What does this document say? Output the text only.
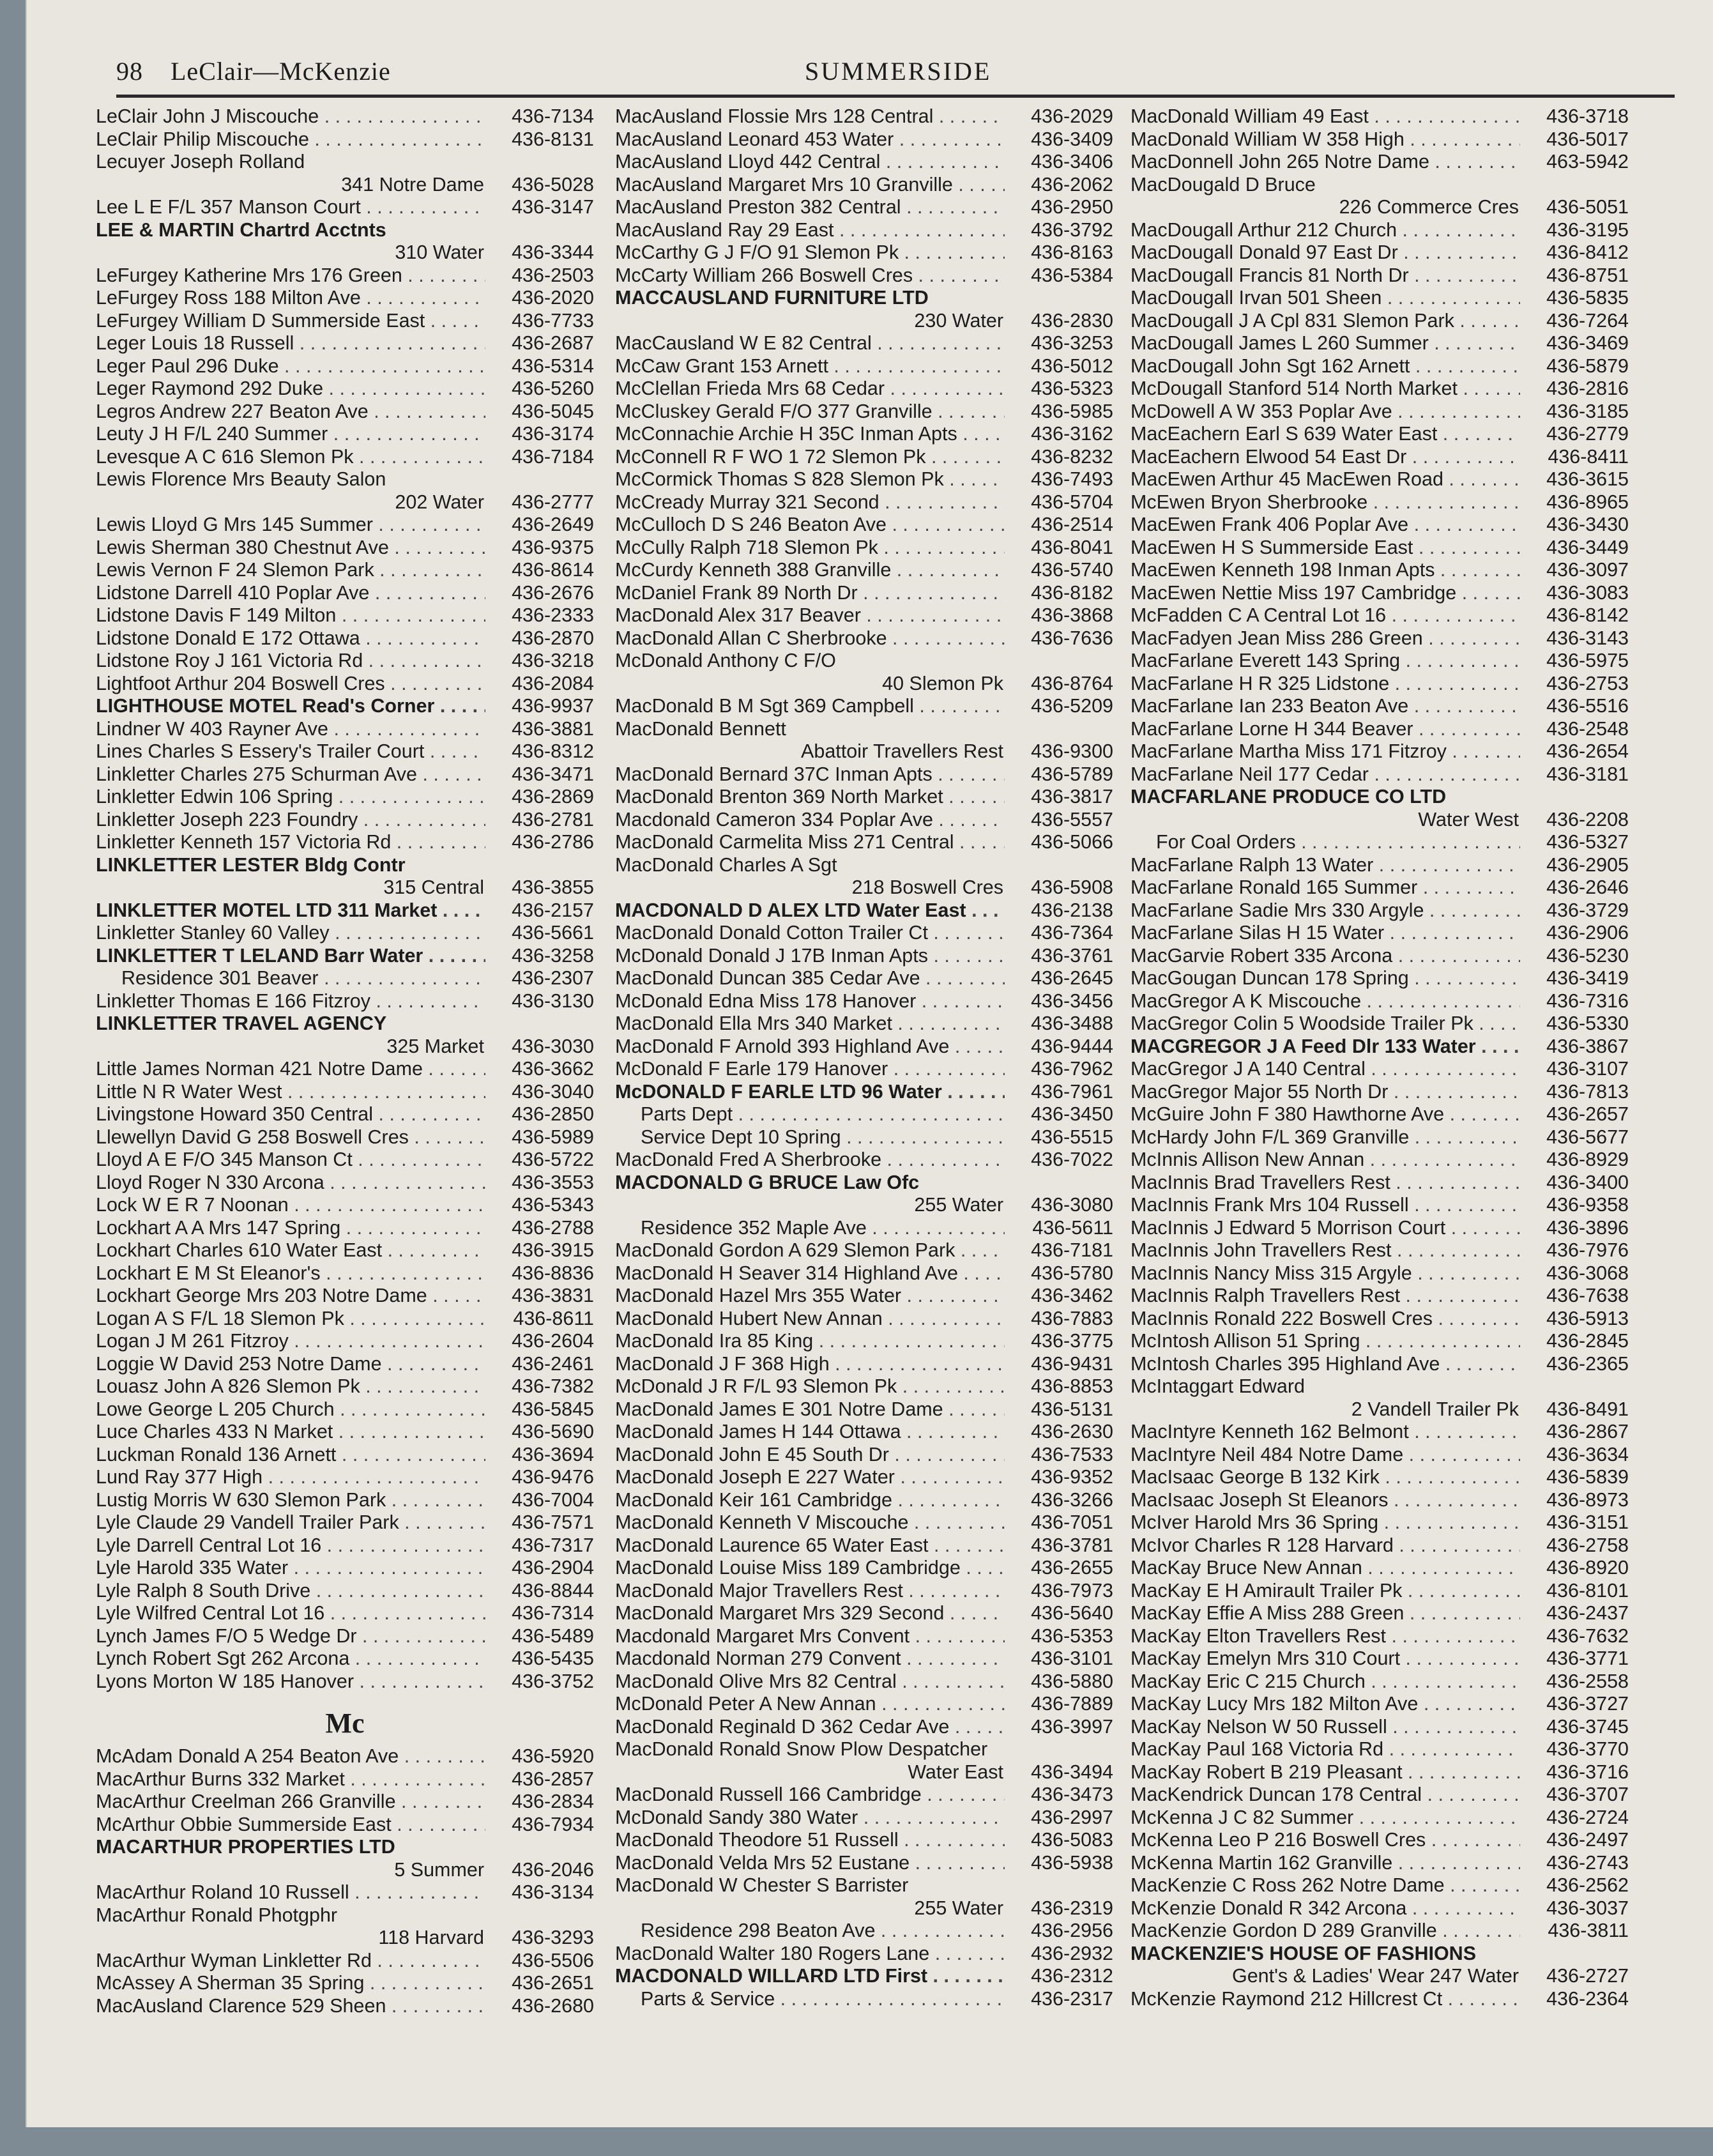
98 LeClair—McKenzie	SUMMERSIDE
LeClair John J Miscouche . . .	436-7134
LeClair Philip Miscouche . . .	436-8131
Lecuyer Joseph Rolland
341 Notre Dame	436-5028
Lee L E F/L 357 Manson Court . . .	436-3147
LEE & MARTIN Chartrd Acctnts
310 Water	436-3344
LeFurgey Katherine Mrs 176 Green . . .	436-2503
LeFurgey Ross 188 Milton Ave . . .	436-2020
LeFurgey William D Summerside East . . .	436-7733
Leger Louis 18 Russell . . .	436-2687
Leger Paul 296 Duke . . .	436-5314
Leger Raymond 292 Duke . . .	436-5260
Legros Andrew 227 Beaton Ave . . .	436-5045
Leuty J H F/L 240 Summer . . .	436-3174
Levesque A C 616 Slemon Pk . . .	436-7184
Lewis Florence Mrs Beauty Salon
202 Water	436-2777
Lewis Lloyd G Mrs 145 Summer . . .	436-2649
Lewis Sherman 380 Chestnut Ave . . .	436-9375
Lewis Vernon F 24 Slemon Park . . .	436-8614
Lidstone Darrell 410 Poplar Ave . . .	436-2676
Lidstone Davis F 149 Milton . . .	436-2333
Lidstone Donald E 172 Ottawa . . .	436-2870
Lidstone Roy J 161 Victoria Rd . . .	436-3218
Lightfoot Arthur 204 Boswell Cres . . .	436-2084
LIGHTHOUSE MOTEL Read's Corner . . .	436-9937
Lindner W 403 Rayner Ave . . .	436-3881
Lines Charles S Essery's Trailer Court . . .	436-8312
Linkletter Charles 275 Schurman Ave . . .	436-3471
Linkletter Edwin 106 Spring . . .	436-2869
Linkletter Joseph 223 Foundry . . .	436-2781
Linkletter Kenneth 157 Victoria Rd . . .	436-2786
LINKLETTER LESTER Bldg Contr
315 Central	436-3855
LINKLETTER MOTEL LTD 311 Market . . .	436-2157
Linkletter Stanley 60 Valley . . .	436-5661
LINKLETTER T LELAND Barr Water . . .	436-3258
Residence 301 Beaver . . .	436-2307
Linkletter Thomas E 166 Fitzroy . . .	436-3130
LINKLETTER TRAVEL AGENCY
325 Market	436-3030
Little James Norman 421 Notre Dame . . .	436-3662
Little N R Water West . . .	436-3040
Livingstone Howard 350 Central . . .	436-2850
Llewellyn David G 258 Boswell Cres . . .	436-5989
Lloyd A E F/O 345 Manson Ct . . .	436-5722
Lloyd Roger N 330 Arcona . . .	436-3553
Lock W E R 7 Noonan . . .	436-5343
Lockhart A A Mrs 147 Spring . . .	436-2788
Lockhart Charles 610 Water East . . .	436-3915
Lockhart E M St Eleanor's . . .	436-8836
Lockhart George Mrs 203 Notre Dame . . .	436-3831
Logan A S F/L 18 Slemon Pk . . .	436-8611
Logan J M 261 Fitzroy . . .	436-2604
Loggie W David 253 Notre Dame . . .	436-2461
Louasz John A 826 Slemon Pk . . .	436-7382
Lowe George L 205 Church . . .	436-5845
Luce Charles 433 N Market . . .	436-5690
Luckman Ronald 136 Arnett . . .	436-3694
Lund Ray 377 High . . .	436-9476
Lustig Morris W 630 Slemon Park . . .	436-7004
Lyle Claude 29 Vandell Trailer Park . . .	436-7571
Lyle Darrell Central Lot 16 . . .	436-7317
Lyle Harold 335 Water . . .	436-2904
Lyle Ralph 8 South Drive . . .	436-8844
Lyle Wilfred Central Lot 16 . . .	436-7314
Lynch James F/O 5 Wedge Dr . . .	436-5489
Lynch Robert Sgt 262 Arcona . . .	436-5435
Lyons Morton W 185 Hanover . . .	436-3752
Mc
McAdam Donald A 254 Beaton Ave . . .	436-5920
MacArthur Burns 332 Market . . .	436-2857
MacArthur Creelman 266 Granville . . .	436-2834
McArthur Obbie Summerside East . . .	436-7934
MACARTHUR PROPERTIES LTD
5 Summer	436-2046
MacArthur Roland 10 Russell . . .	436-3134
MacArthur Ronald Photgphr
118 Harvard	436-3293
MacArthur Wyman Linkletter Rd . . .	436-5506
McAssey A Sherman 35 Spring . . .	436-2651
MacAusland Clarence 529 Sheen . . .	436-2680
MacAusland Flossie Mrs 128 Central . . .	436-2029
MacAusland Leonard 453 Water . . .	436-3409
MacAusland Lloyd 442 Central . . .	436-3406
MacAusland Margaret Mrs 10 Granville . . .	436-2062
MacAusland Preston 382 Central . . .	436-2950
MacAusland Ray 29 East . . .	436-3792
McCarthy G J F/O 91 Slemon Pk . . .	436-8163
McCarty William 266 Boswell Cres . . .	436-5384
MACCAUSLAND FURNITURE LTD
230 Water	436-2830
MacCausland W E 82 Central . . .	436-3253
McCaw Grant 153 Arnett . . .	436-5012
McClellan Frieda Mrs 68 Cedar . . .	436-5323
McCluskey Gerald F/O 377 Granville . . .	436-5985
McConnachie Archie H 35C Inman Apts . . .	436-3162
McConnell R F WO 1 72 Slemon Pk . . .	436-8232
McCormick Thomas S 828 Slemon Pk . . .	436-7493
McCready Murray 321 Second . . .	436-5704
McCulloch D S 246 Beaton Ave . . .	436-2514
McCully Ralph 718 Slemon Pk . . .	436-8041
McCurdy Kenneth 388 Granville . . .	436-5740
McDaniel Frank 89 North Dr . . .	436-8182
MacDonald Alex 317 Beaver . . .	436-3868
MacDonald Allan C Sherbrooke . . .	436-7636
McDonald Anthony C F/O
40 Slemon Pk	436-8764
MacDonald B M Sgt 369 Campbell . . .	436-5209
MacDonald Bennett
Abattoir Travellers Rest	436-9300
MacDonald Bernard 37C Inman Apts . . .	436-5789
MacDonald Brenton 369 North Market . . .	436-3817
Macdonald Cameron 334 Poplar Ave . . .	436-5557
MacDonald Carmelita Miss 271 Central . . .	436-5066
MacDonald Charles A Sgt
218 Boswell Cres	436-5908
MACDONALD D ALEX LTD Water East . . .	436-2138
MacDonald Donald Cotton Trailer Ct . . .	436-7364
McDonald Donald J 17B Inman Apts . . .	436-3761
MacDonald Duncan 385 Cedar Ave . . .	436-2645
McDonald Edna Miss 178 Hanover . . .	436-3456
MacDonald Ella Mrs 340 Market . . .	436-3488
MacDonald F Arnold 393 Highland Ave . . .	436-9444
McDonald F Earle 179 Hanover . . .	436-7962
McDONALD F EARLE LTD 96 Water . . .	436-7961
Parts Dept . . .	436-3450
Service Dept 10 Spring . . .	436-5515
MacDonald Fred A Sherbrooke . . .	436-7022
MACDONALD G BRUCE Law Ofc
255 Water	436-3080
Residence 352 Maple Ave . . .	436-5611
MacDonald Gordon A 629 Slemon Park . . .	436-7181
MacDonald H Seaver 314 Highland Ave . . .	436-5780
MacDonald Hazel Mrs 355 Water . . .	436-3462
MacDonald Hubert New Annan . . .	436-7883
MacDonald Ira 85 King . . .	436-3775
MacDonald J F 368 High . . .	436-9431
McDonald J R F/L 93 Slemon Pk . . .	436-8853
MacDonald James E 301 Notre Dame . . .	436-5131
MacDonald James H 144 Ottawa . . .	436-2630
MacDonald John E 45 South Dr . . .	436-7533
MacDonald Joseph E 227 Water . . .	436-9352
MacDonald Keir 161 Cambridge . . .	436-3266
MacDonald Kenneth V Miscouche . . .	436-7051
MacDonald Laurence 65 Water East . . .	436-3781
MacDonald Louise Miss 189 Cambridge . . .	436-2655
MacDonald Major Travellers Rest . . .	436-7973
MacDonald Margaret Mrs 329 Second . . .	436-5640
Macdonald Margaret Mrs Convent . . .	436-5353
Macdonald Norman 279 Convent . . .	436-3101
MacDonald Olive Mrs 82 Central . . .	436-5880
McDonald Peter A New Annan . . .	436-7889
MacDonald Reginald D 362 Cedar Ave . . .	436-3997
MacDonald Ronald Snow Plow Despatcher
Water East	436-3494
MacDonald Russell 166 Cambridge . . .	436-3473
McDonald Sandy 380 Water . . .	436-2997
MacDonald Theodore 51 Russell . . .	436-5083
MacDonald Velda Mrs 52 Eustane . . .	436-5938
MacDonald W Chester S Barrister
255 Water	436-2319
Residence 298 Beaton Ave . . .	436-2956
MacDonald Walter 180 Rogers Lane . . .	436-2932
MACDONALD WILLARD LTD First . . .	436-2312
Parts & Service . . .	436-2317
MacDonald William 49 East . . .	436-3718
MacDonald William W 358 High . . .	436-5017
MacDonnell John 265 Notre Dame . . .	463-5942
MacDougald D Bruce
226 Commerce Cres	436-5051
MacDougall Arthur 212 Church . . .	436-3195
MacDougall Donald 97 East Dr . . .	436-8412
MacDougall Francis 81 North Dr . . .	436-8751
MacDougall Irvan 501 Sheen . . .	436-5835
MacDougall J A Cpl 831 Slemon Park . . .	436-7264
MacDougall James L 260 Summer . . .	436-3469
MacDougall John Sgt 162 Arnett . . .	436-5879
McDougall Stanford 514 North Market . . .	436-2816
McDowell A W 353 Poplar Ave . . .	436-3185
MacEachern Earl S 639 Water East . . .	436-2779
MacEachern Elwood 54 East Dr . . .	436-8411
MacEwen Arthur 45 MacEwen Road . . .	436-3615
McEwen Bryon Sherbrooke . . .	436-8965
MacEwen Frank 406 Poplar Ave . . .	436-3430
MacEwen H S Summerside East . . .	436-3449
MacEwen Kenneth 198 Inman Apts . . .	436-3097
MacEwen Nettie Miss 197 Cambridge . . .	436-3083
McFadden C A Central Lot 16 . . .	436-8142
MacFadyen Jean Miss 286 Green . . .	436-3143
MacFarlane Everett 143 Spring . . .	436-5975
MacFarlane H R 325 Lidstone . . .	436-2753
MacFarlane Ian 233 Beaton Ave . . .	436-5516
MacFarlane Lorne H 344 Beaver . . .	436-2548
MacFarlane Martha Miss 171 Fitzroy . . .	436-2654
MacFarlane Neil 177 Cedar . . .	436-3181
MACFARLANE PRODUCE CO LTD
Water West	436-2208
For Coal Orders . . .	436-5327
MacFarlane Ralph 13 Water . . .	436-2905
MacFarlane Ronald 165 Summer . . .	436-2646
MacFarlane Sadie Mrs 330 Argyle . . .	436-3729
MacFarlane Silas H 15 Water . . .	436-2906
MacGarvie Robert 335 Arcona . . .	436-5230
MacGougan Duncan 178 Spring . . .	436-3419
MacGregor A K Miscouche . . .	436-7316
MacGregor Colin 5 Woodside Trailer Pk . . .	436-5330
MACGREGOR J A Feed Dlr 133 Water . . .	436-3867
MacGregor J A 140 Central . . .	436-3107
MacGregor Major 55 North Dr . . .	436-7813
McGuire John F 380 Hawthorne Ave . . .	436-2657
McHardy John F/L 369 Granville . . .	436-5677
McInnis Allison New Annan . . .	436-8929
MacInnis Brad Travellers Rest . . .	436-3400
MacInnis Frank Mrs 104 Russell . . .	436-9358
MacInnis J Edward 5 Morrison Court . . .	436-3896
MacInnis John Travellers Rest . . .	436-7976
MacInnis Nancy Miss 315 Argyle . . .	436-3068
MacInnis Ralph Travellers Rest . . .	436-7638
MacInnis Ronald 222 Boswell Cres . . .	436-5913
McIntosh Allison 51 Spring . . .	436-2845
McIntosh Charles 395 Highland Ave . . .	436-2365
McIntaggart Edward
2 Vandell Trailer Pk	436-8491
MacIntyre Kenneth 162 Belmont . . .	436-2867
MacIntyre Neil 484 Notre Dame . . .	436-3634
MacIsaac George B 132 Kirk . . .	436-5839
MacIsaac Joseph St Eleanors . . .	436-8973
McIver Harold Mrs 36 Spring . . .	436-3151
McIvor Charles R 128 Harvard . . .	436-2758
MacKay Bruce New Annan . . .	436-8920
MacKay E H Amirault Trailer Pk . . .	436-8101
MacKay Effie A Miss 288 Green . . .	436-2437
MacKay Elton Travellers Rest . . .	436-7632
MacKay Emelyn Mrs 310 Court . . .	436-3771
MacKay Eric C 215 Church . . .	436-2558
MacKay Lucy Mrs 182 Milton Ave . . .	436-3727
MacKay Nelson W 50 Russell . . .	436-3745
MacKay Paul 168 Victoria Rd . . .	436-3770
MacKay Robert B 219 Pleasant . . .	436-3716
MacKendrick Duncan 178 Central . . .	436-3707
McKenna J C 82 Summer . . .	436-2724
McKenna Leo P 216 Boswell Cres . . .	436-2497
McKenna Martin 162 Granville . . .	436-2743
MacKenzie C Ross 262 Notre Dame . . .	436-2562
McKenzie Donald R 342 Arcona . . .	436-3037
MacKenzie Gordon D 289 Granville . . .	436-3811
MACKENZIE'S HOUSE OF FASHIONS
Gent's & Ladies' Wear 247 Water	436-2727
McKenzie Raymond 212 Hillcrest Ct . . .	436-2364
